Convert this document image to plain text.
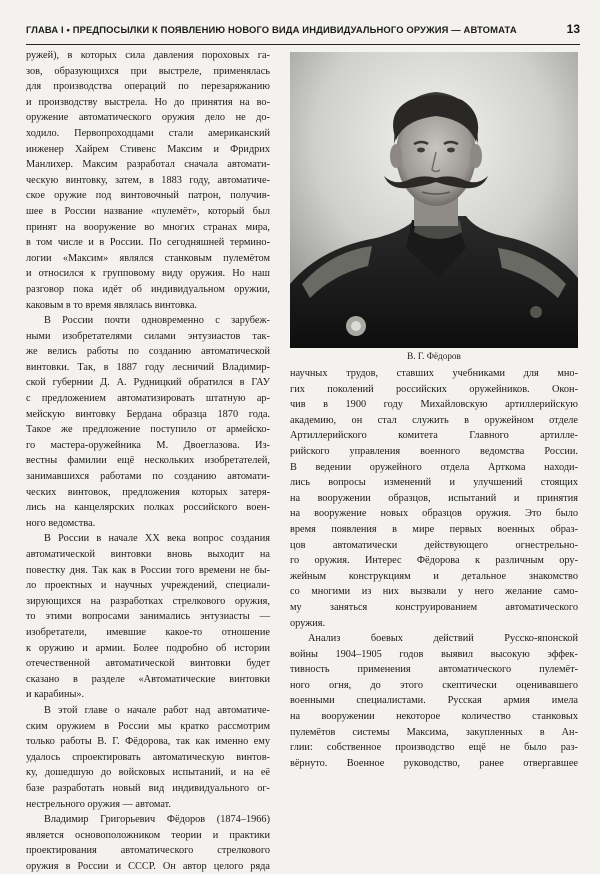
ГЛАВА I • ПРЕДПОСЫЛКИ К ПОЯВЛЕНИЮ НОВОГО ВИДА ИНДИВИДУАЛЬНОГО ОРУЖИЯ — АВТОМАТА	13
ружей), в которых сила давления пороховых га-
зов, образующихся при выстреле, применялась
для производства операций по перезаряжанию
и производству выстрела. Но до принятия на во-
оружение автоматического оружия дело не до-
ходило. Первопроходцами стали американский
инженер Хайрем Стивенс Максим и Фридрих
Манлихер. Максим разработал сначала автомати-
ческую винтовку, затем, в 1883 году, автоматиче-
ское оружие под винтовочный патрон, получив-
шее в России название «пулемёт», который был
принят на вооружение во многих странах мира,
в том числе и в России. По сегодняшней термино-
логии «Максим» являлся станковым пулемётом
и относился к групповому виду оружия. Но наш
разговор пока идёт об индивидуальном оружии,
каковым в то время являлась винтовка.
В России почти одновременно с зарубеж-
ными изобретателями силами энтузиастов так-
же велись работы по созданию автоматической
винтовки. Так, в 1887 году лесничий Владимир-
ской губернии Д. А. Рудницкий обратился в ГАУ
с предложением автоматизировать штатную ар-
мейскую винтовку Бердана образца 1870 года.
Такое же предложение поступило от армейско-
го мастера-оружейника М. Двоеглазова. Из-
вестны фамилии ещё нескольких изобретателей,
занимавшихся работами по созданию автомати-
ческих винтовок, предложения которых затеря-
лись на канцелярских полках российского воен-
ного ведомства.
В России в начале XX века вопрос создания
автоматической винтовки вновь выходит на
повестку дня. Так как в России того времени не бы-
ло проектных и научных учреждений, специали-
зирующихся на разработках стрелкового оружия,
то этими вопросами занимались энтузиасты —
изобретатели, имевшие какое-то отношение
к оружию и армии. Более подробно об истории
отечественной автоматической винтовки будет
сказано в разделе «Автоматические винтовки
и карабины».
В этой главе о начале работ над автоматиче-
ским оружием в России мы кратко рассмотрим
только работы В. Г. Фёдорова, так как именно ему
удалось спроектировать автоматическую винтов-
ку, дошедшую до войсковых испытаний, и на её
базе разработать новый вид индивидуального ог-
нестрельного оружия — автомат.
Владимир Григорьевич Фёдоров (1874–1966)
является основоположником теории и практики
проектирования автоматического стрелкового
оружия в России и СССР. Он автор целого ряда
В. Г. Фёдоров
научных трудов, ставших учебниками для мно-
гих поколений российских оружейников. Окон-
чив в 1900 году Михайловскую артиллерийскую
академию, он стал служить в оружейном отделе
Артиллерийского комитета Главного артилле-
рийского управления военного ведомства России.
В ведении оружейного отдела Арткома находи-
лись вопросы изменений и улучшений стоящих
на вооружении образцов, испытаний и принятия
на вооружение новых образцов оружия. Это было
время появления в мире первых военных образ-
цов автоматически действующего огнестрельно-
го оружия. Интерес Фёдорова к различным ору-
жейным конструкциям и детальное знакомство
со многими из них вызвали у него желание само-
му заняться конструированием автоматического
оружия.
Анализ боевых действий Русско-японской
войны 1904–1905 годов выявил высокую эффек-
тивность применения автоматического пулемёт-
ного огня, до этого скептически оценивавшего
военными специалистами. Русская армия имела
на вооружении некоторое количество станковых
пулемётов системы Максима, закупленных в Ан-
глии: собственное производство ещё не было раз-
вёрнуто. Военное руководство, ранее отвергавшее
